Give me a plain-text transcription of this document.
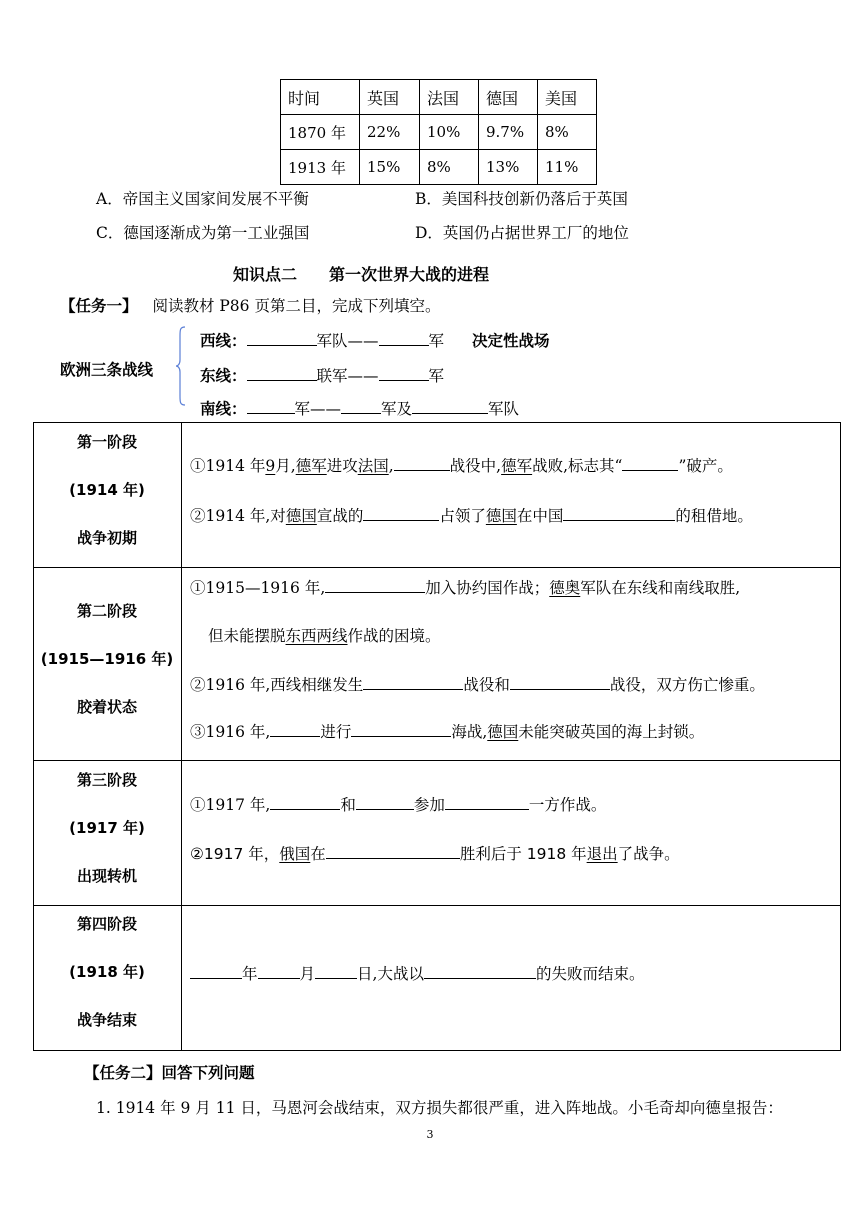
时间	英国	法国	德国	美国
1870 年	22%	10%	9.7%	8%
1913 年	15%	8%	13%	11%
A．帝国主义国家间发展不平衡	B．美国科技创新仍落后于英国
C．德国逐渐成为第一工业强国	D．英国仍占据世界工厂的地位
知识点二　　第一次世界大战的进程
【任务一】 阅读教材 P86 页第二目，完成下列填空。
欧洲三条战线
西线：	军队——	军 决定性战场
东线：	联军——	军
南线：	军——	军及	军队
第一阶段
(1914 年)
战争初期
①1914 年9月,德军进攻法国,	战役中,德军战败,标志其“	”破产。
②1914 年,对德国宣战的	占领了德国在中国	的租借地。
第二阶段
(1915—1916 年)
胶着状态
①1915—1916 年,	加入协约国作战；德奥军队在东线和南线取胜,
但未能摆脱东西两线作战的困境。
②1916 年,西线相继发生	战役和	战役，双方伤亡惨重。
③1916 年,	进行	海战,德国未能突破英国的海上封锁。
第三阶段
(1917 年)
出现转机
①1917 年,	和	参加	一方作战。
②1917 年，俄国在	胜利后于 1918 年退出了战争。
第四阶段
(1918 年)
战争结束
年	月	日,大战以	的失败而结束。
【任务二】回答下列问题
1. 1914 年 9 月 11 日，马恩河会战结束，双方损失都很严重，进入阵地战。小毛奇却向德皇报告：
3
